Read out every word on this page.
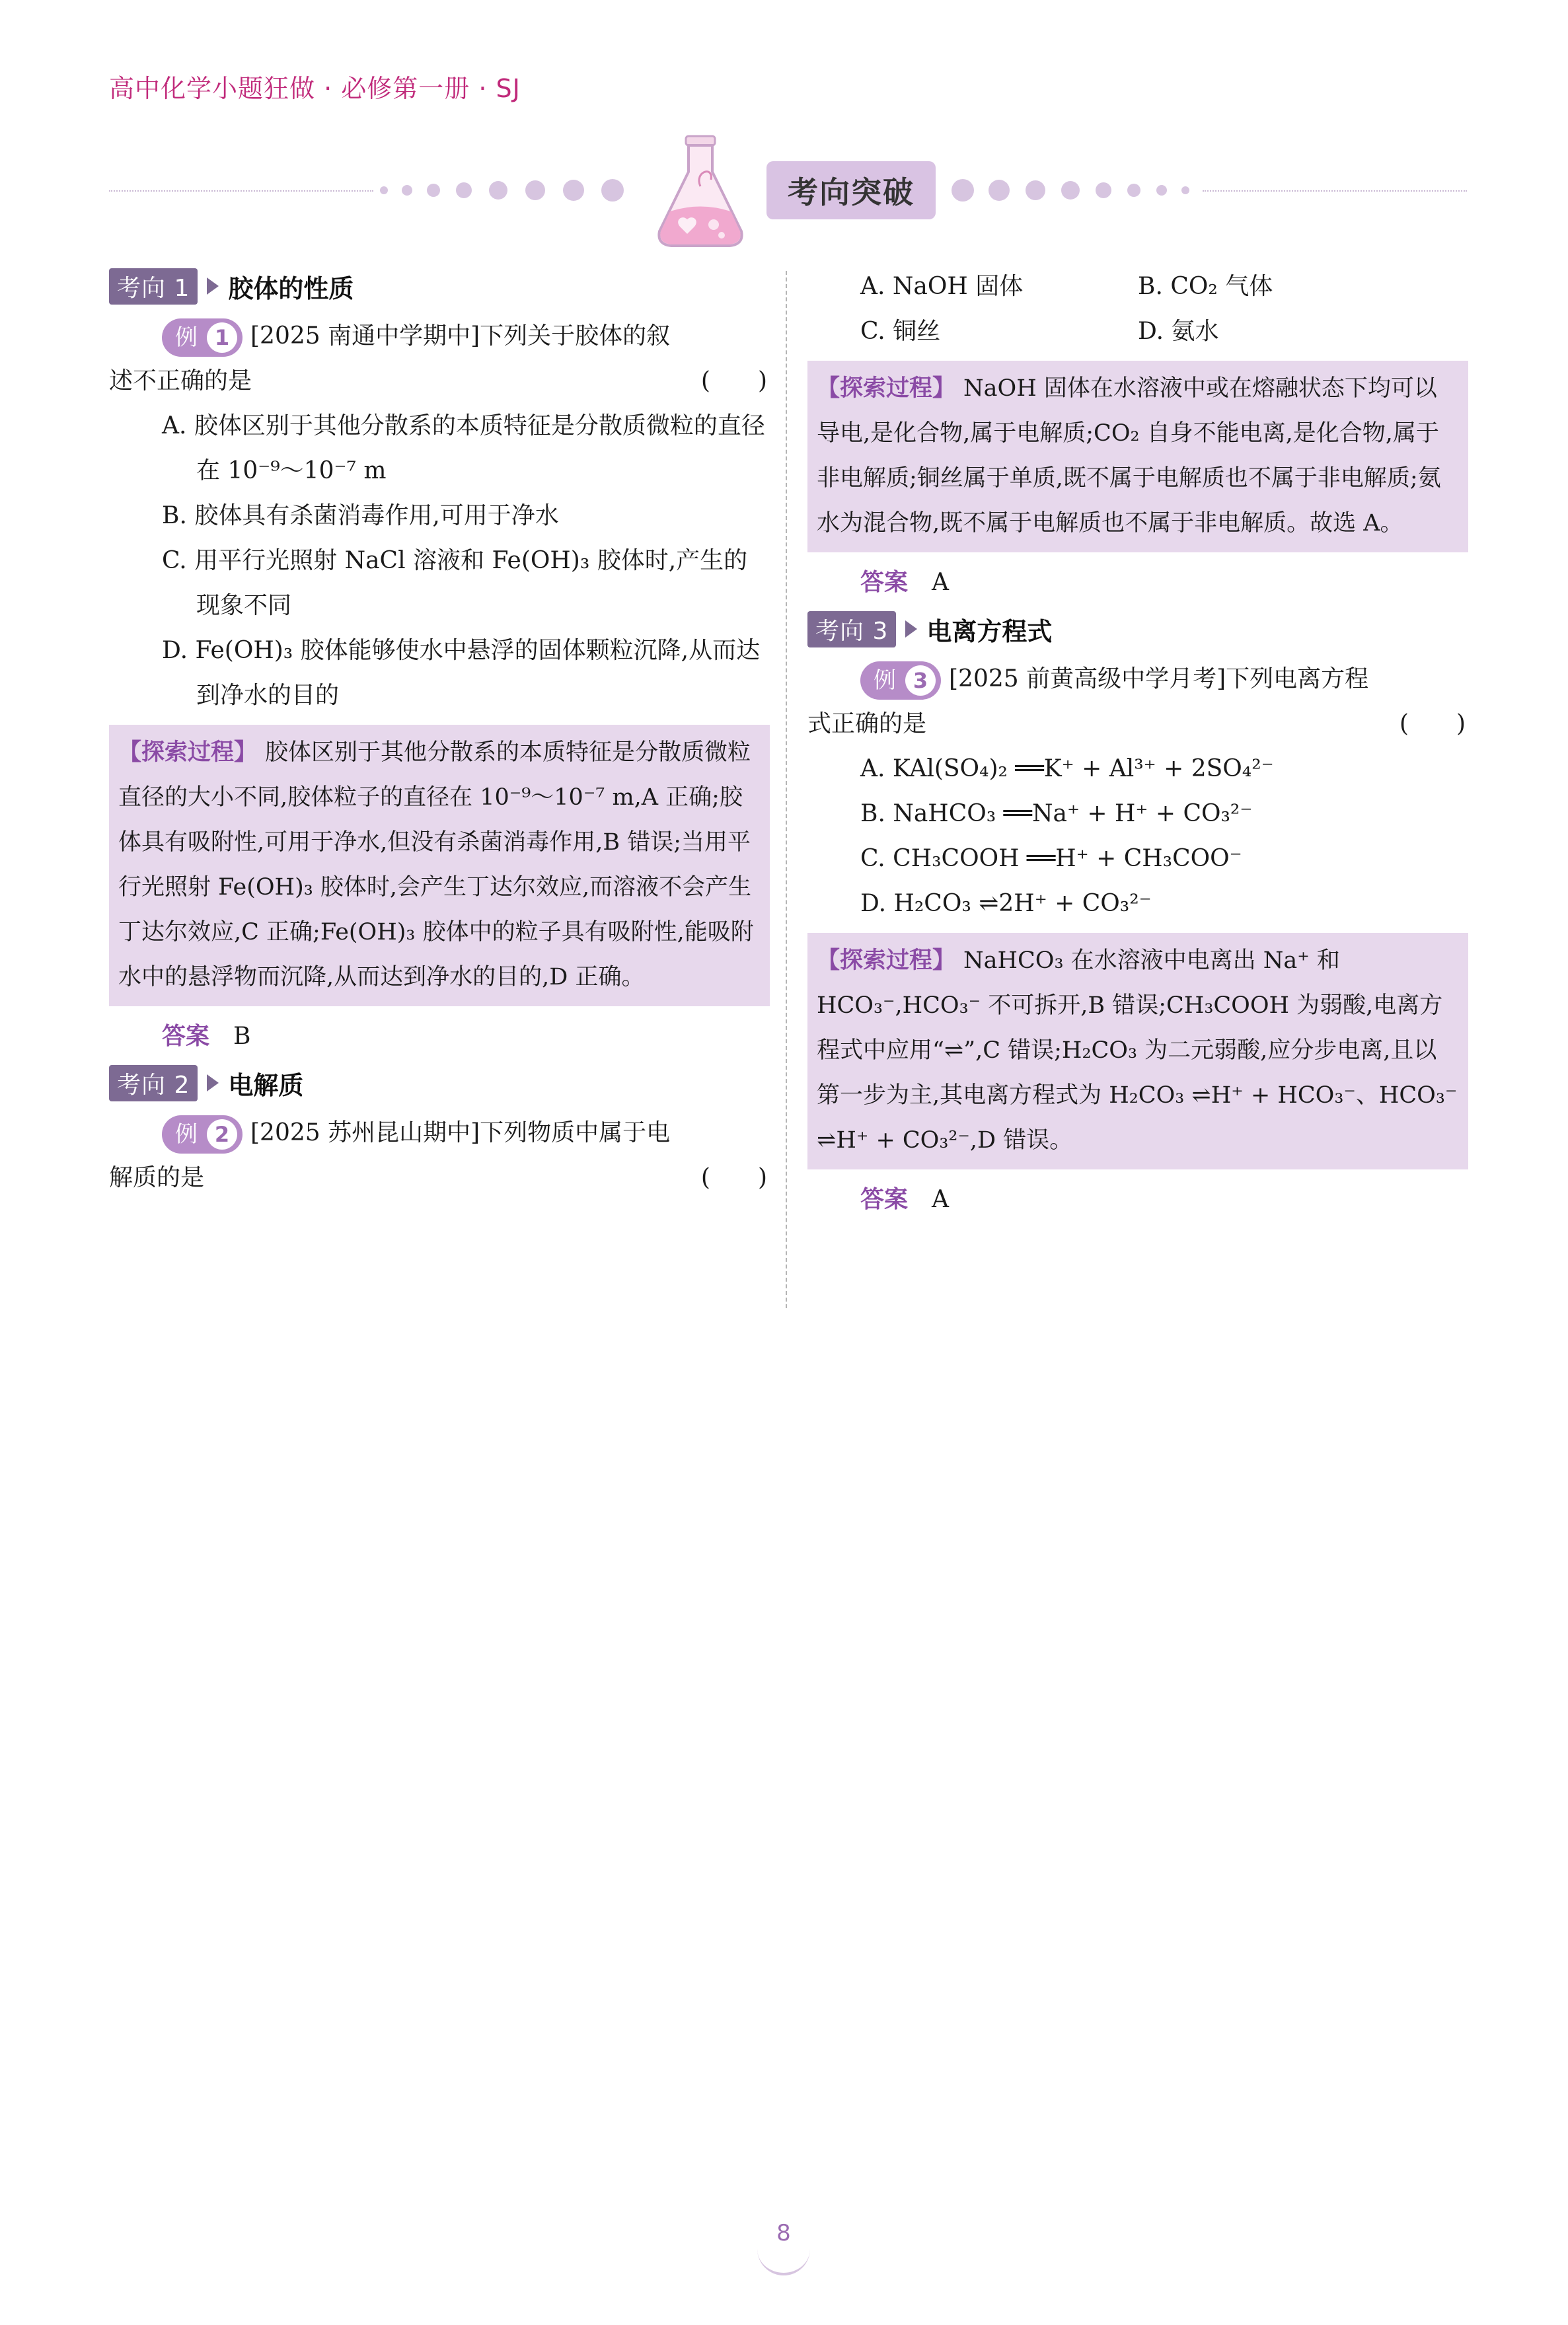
高中化学小题狂做 · 必修第一册 · SJ
考向突破
考向 1	胶体的性质

例 1 [2025 南通中学期中]下列关于胶体的叙

述不正确的是	(　　)

A. 胶体区别于其他分散系的本质特征是分散质微粒的直径在 10⁻⁹～10⁻⁷ m
B. 胶体具有杀菌消毒作用,可用于净水
C. 用平行光照射 NaCl 溶液和 Fe(OH)₃ 胶体时,产生的现象不同
D. Fe(OH)₃ 胶体能够使水中悬浮的固体颗粒沉降,从而达到净水的目的
【探索过程】 胶体区别于其他分散系的本质特征是分散质微粒直径的大小不同,胶体粒子的直径在 10⁻⁹～10⁻⁷ m,A 正确;胶体具有吸附性,可用于净水,但没有杀菌消毒作用,B 错误;当用平行光照射 Fe(OH)₃ 胶体时,会产生丁达尔效应,而溶液不会产生丁达尔效应,C 正确;Fe(OH)₃ 胶体中的粒子具有吸附性,能吸附水中的悬浮物而沉降,从而达到净水的目的,D 正确。
答案 B
考向 2	电解质

例 2 [2025 苏州昆山期中]下列物质中属于电

解质的是	(　　)

A. NaOH 固体	B. CO₂ 气体
C. 铜丝	D. 氨水
【探索过程】 NaOH 固体在水溶液中或在熔融状态下均可以导电,是化合物,属于电解质;CO₂ 自身不能电离,是化合物,属于非电解质;铜丝属于单质,既不属于电解质也不属于非电解质;氨水为混合物,既不属于电解质也不属于非电解质。故选 A。
答案 A
考向 3	电离方程式

例 3 [2025 前黄高级中学月考]下列电离方程

式正确的是	(　　)

A. KAl(SO₄)₂ ══K⁺ + Al³⁺ + 2SO₄²⁻
B. NaHCO₃ ══Na⁺ + H⁺ + CO₃²⁻
C. CH₃COOH ══H⁺ + CH₃COO⁻
D. H₂CO₃ ⇌2H⁺ + CO₃²⁻
【探索过程】 NaHCO₃ 在水溶液中电离出 Na⁺ 和 HCO₃⁻,HCO₃⁻ 不可拆开,B 错误;CH₃COOH 为弱酸,电离方程式中应用“⇌”,C 错误;H₂CO₃ 为二元弱酸,应分步电离,且以第一步为主,其电离方程式为 H₂CO₃ ⇌H⁺ + HCO₃⁻、HCO₃⁻ ⇌H⁺ + CO₃²⁻,D 错误。
答案 A
8
